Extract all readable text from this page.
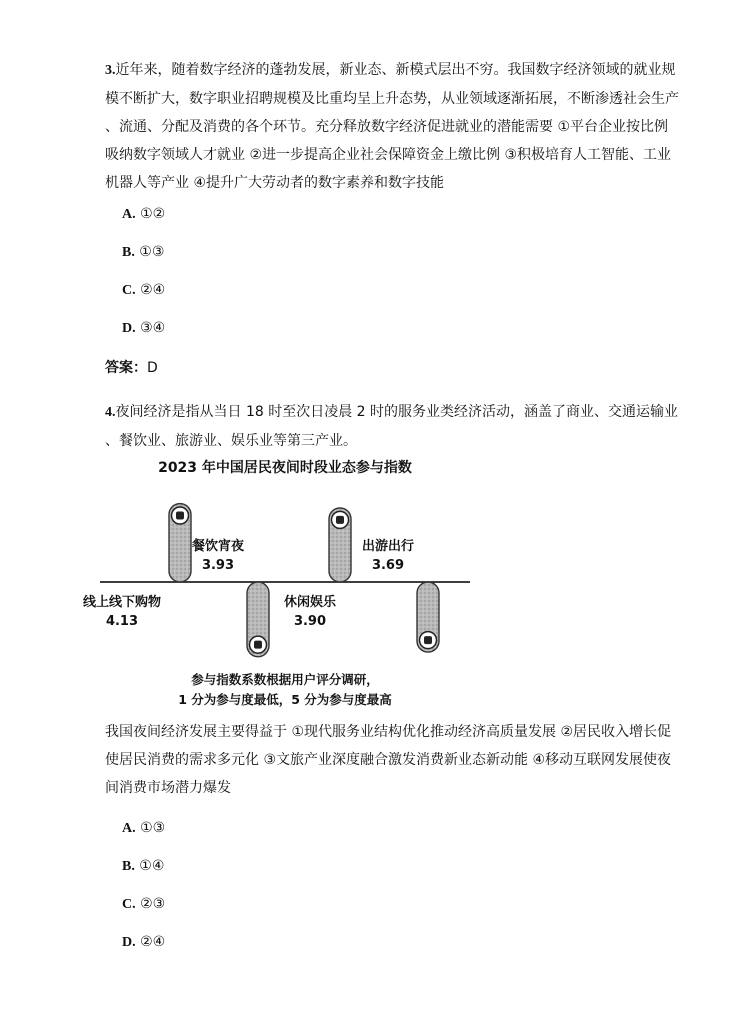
3.近年来，随着数字经济的蓬勃发展，新业态、新模式层出不穷。我国数字经济领域的就业规
模不断扩大，数字职业招聘规模及比重均呈上升态势，从业领域逐渐拓展，不断渗透社会生产
、流通、分配及消费的各个环节。充分释放数字经济促进就业的潜能需要 ①平台企业按比例
吸纳数字领域人才就业 ②进一步提高企业社会保障资金上缴比例 ③积极培育人工智能、工业
机器人等产业 ④提升广大劳动者的数字素养和数字技能
A. ①②
B. ①③
C. ②④
D. ③④
答案：D
4.夜间经济是指从当日 18 时至次日凌晨 2 时的服务业类经济活动，涵盖了商业、交通运输业
、餐饮业、旅游业、娱乐业等第三产业。
2023 年中国居民夜间时段业态参与指数
线上线下购物
4.13
餐饮宵夜
3.93
休闲娱乐
3.90
出游出行
3.69
参与指数系数根据用户评分调研，
1 分为参与度最低，5 分为参与度最高
我国夜间经济发展主要得益于 ①现代服务业结构优化推动经济高质量发展 ②居民收入增长促
使居民消费的需求多元化 ③文旅产业深度融合激发消费新业态新动能 ④移动互联网发展使夜
间消费市场潜力爆发
A. ①③
B. ①④
C. ②③
D. ②④
